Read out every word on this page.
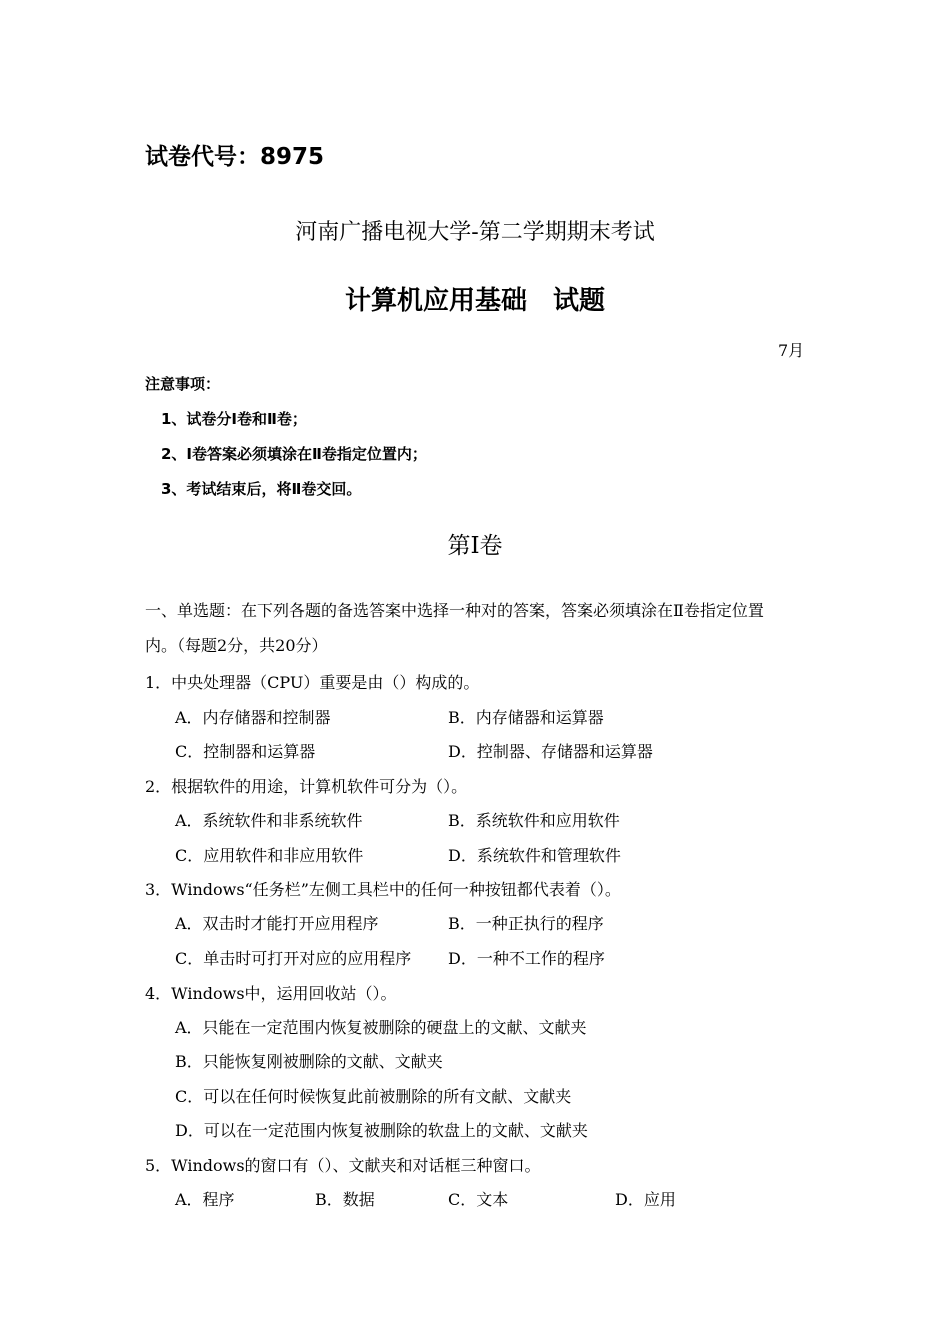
试卷代号：8975
河南广播电视大学-第二学期期末考试
计算机应用基础　试题
7月
注意事项：
1、试卷分Ⅰ卷和Ⅱ卷；
2、Ⅰ卷答案必须填涂在Ⅱ卷指定位置内；
3、考试结束后，将Ⅱ卷交回。
第Ⅰ卷
一、单选题：在下列各题的备选答案中选择一种对的答案，答案必须填涂在Ⅱ卷指定位置
内。（每题2分，共20分）
1．中央处理器（CPU）重要是由（）构成的。
A．内存储器和控制器	B．内存储器和运算器
C．控制器和运算器	D．控制器、存储器和运算器
2．根据软件的用途，计算机软件可分为（）。
A．系统软件和非系统软件	B．系统软件和应用软件
C．应用软件和非应用软件	D．系统软件和管理软件
3．Windows“任务栏”左侧工具栏中的任何一种按钮都代表着（）。
A．双击时才能打开应用程序	B．一种正执行的程序
C．单击时可打开对应的应用程序 D．一种不工作的程序
4．Windows中，运用回收站（）。
A．只能在一定范围内恢复被删除的硬盘上的文献、文献夹
B．只能恢复刚被删除的文献、文献夹
C．可以在任何时候恢复此前被删除的所有文献、文献夹
D．可以在一定范围内恢复被删除的软盘上的文献、文献夹
5．Windows的窗口有（）、文献夹和对话框三种窗口。
A．程序	B．数据	C．文本	D．应用
